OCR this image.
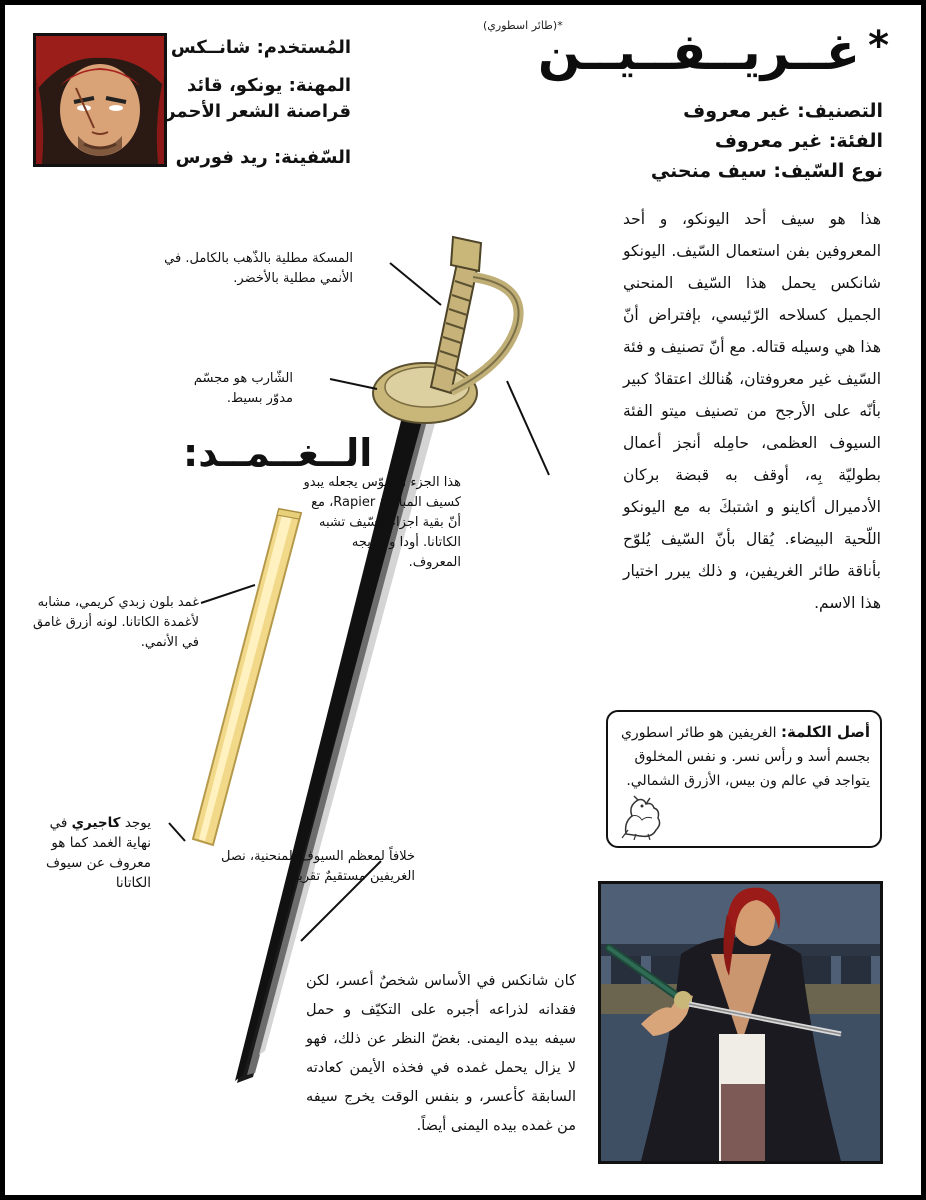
*غــريــفــيــن
*(طائر اسطوري)
التصنيف: غير معروف
الفئة: غير معروف
نوع السّيف: سيف منحني
المُستخدم: شانــكس
المهنة: يونكو، قائد قراصنة الشعر الأحمر
السّفينة: ريد فورس
هذا هو سيف أحد اليونكو، و أحد المعروفين بفن استعمال السّيف. اليونكو شانكس يحمل هذا السّيف المنحني الجميل كسلاحه الرّئيسي، بإفتراض أنّ هذا هي وسيله قتاله. مع أنّ تصنيف و فئة السّيف غير معروفتان، هُنالك اعتقادٌ كبير بأنّه على الأرجح من تصنيف ميتو الفئة السيوف العظمى، حامِله أنجز أعمال بطوليّة بِه، أوقف به قبضة بركان الأدميرال أكاينو و اشتبكَ به مع اليونكو اللّحية البيضاء. يُقال بأنّ السّيف يُلوّح بأناقة طائر الغريفين، و ذلك يبرر اختيار هذا الاسم.
أصل الكلمة: الغريفين هو طائر اسطوري بجسم أسد و رأس نسر. و نفس المخلوق يتواجد في عالم ون بيس، الأزرق الشمالي.
الــغــمــد:
المسكة مطلية بالذّهب بالكامل. في الأنمي مطلية بالأخضر.
الشّارب هو مجسّم مدوّر بسيط.
هذا الجزء المقوّس يجعله يبدو كسيف المبارزة Rapier، مع أنّ بقية اجزاء السّيف تشبه الكاتانا. أودا و مزيجه المعروف.
غمد بلون زبدي كريمي، مشابه لأغمدة الكاتانا. لونه أزرق غامق في الأنمي.
يوجد كاجيري في نهاية الغمد كما هو معروف عن سيوف الكاتانا
خلافاً لمعظم السيوف المنحنية، نصل الغريفين مستقيمٌ تقريبا
كان شانكس في الأساس شخصٌ أعسر، لكن فقدانه لذراعه أجبره على التكيّف و حمل سيفه بيده اليمنى. بغضّ النظر عن ذلك، فهو لا يزال يحمل غمده في فخذه الأيمن كعادته السابقة كأعسر، و بنفس الوقت يخرج سيفه من غمده بيده اليمنى أيضاً.
